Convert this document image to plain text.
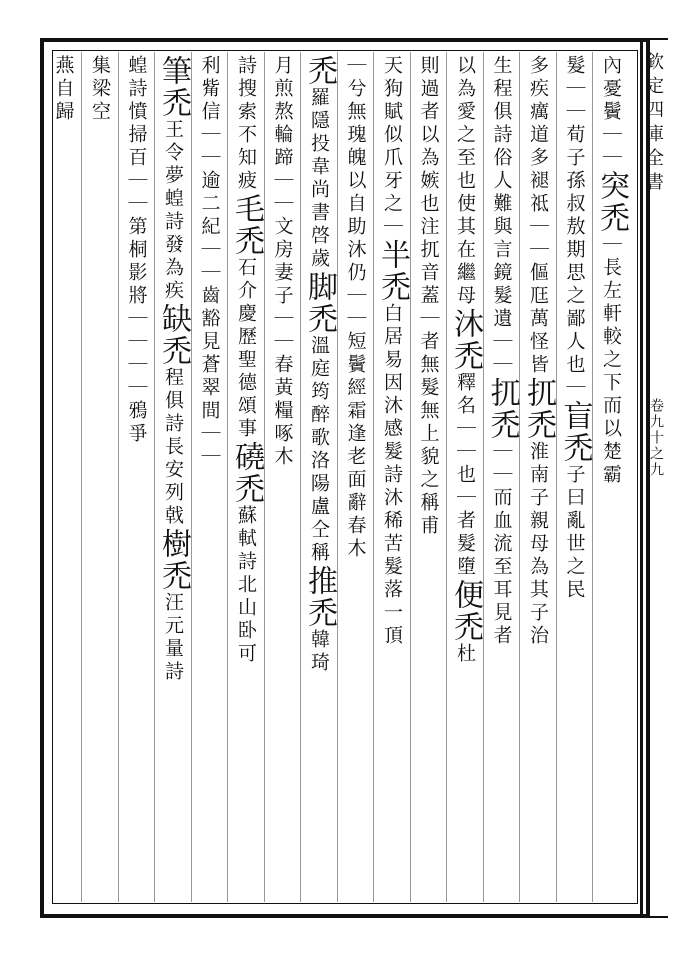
欽定四庫全書
卷九十之九
內憂鬢｜｜
突禿
｜長左軒較之下而以楚霸
髮｜｜
荀子孫叔敖期思之鄙人也｜
盲禿
子曰亂世之民
多疾癘道多褪祗｜｜傴尫萬怪皆
扤禿
淮南子親母為其子治
生程俱詩俗人難與言鏡髮遺｜｜
扤禿
｜｜而血流至耳見者
以為愛之至也使其在繼母
沐禿
釋名｜｜也｜者髮墮
便禿
杜
則過者以為嫉也注扤音蓋
｜者無髮無上貌之稱
甫
天狗賦似爪牙之｜
半禿
白居易因沐感髮詩沐稀苦髮落
一頂
｜兮無瑰魄以自助
沐仍｜｜短鬢經霜逢老面辭春木
禿
羅隱投韋尚書啓歲
脚禿
溫庭筠醉歌洛陽盧仝稱
推禿
韓琦
月煎熬輪蹄｜｜
文房妻子｜｜春黃糧
啄木
詩搜索不知疲
毛禿
石介慶歷聖德頌事
磽禿
蘇軾詩北山卧可
利觜信｜｜
逾二紀｜｜齒豁
見蒼翠間｜｜
筆禿
王令夢蝗詩發為疾
缺禿
程俱詩長安列戟
樹禿
汪元量詩
蝗詩憤掃百｜｜
第桐影將｜｜
｜｜鴉爭
集梁空
燕自歸
